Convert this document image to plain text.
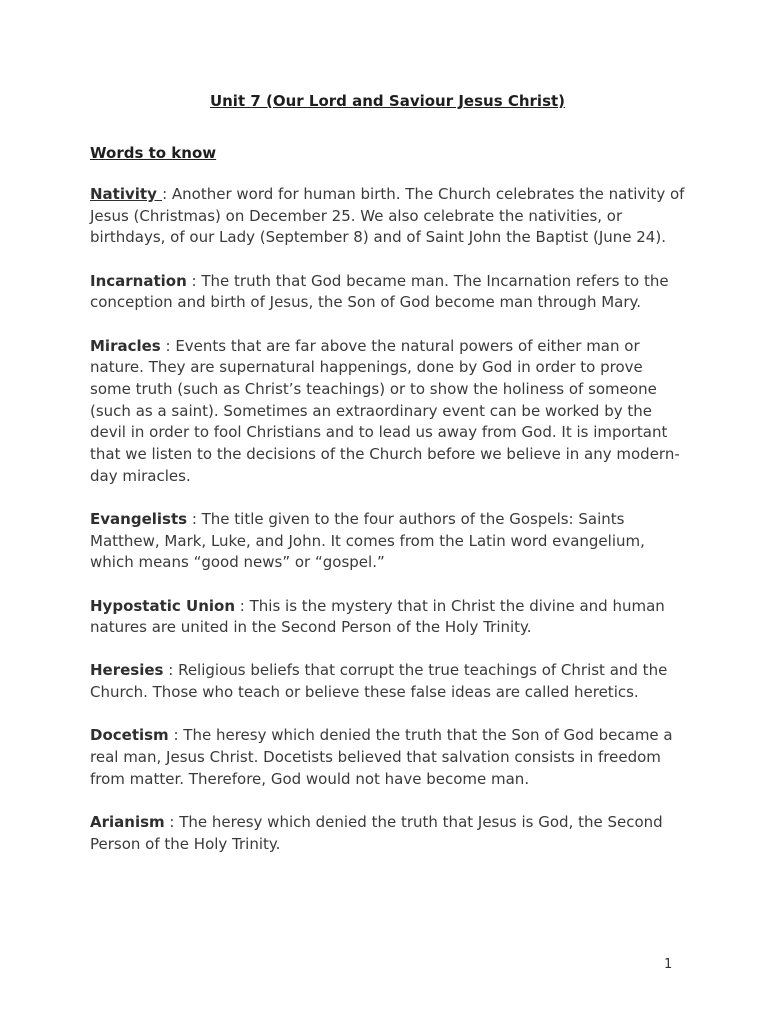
Unit 7 (Our Lord and Saviour Jesus Christ)
Words to know

Nativity : Another word for human birth. The Church celebrates the nativity of Jesus (Christmas) on December 25. We also celebrate the nativities, or birthdays, of our Lady (September 8) and of Saint John the Baptist (June 24).

Incarnation : The truth that God became man. The Incarnation refers to the conception and birth of Jesus, the Son of God become man through Mary.

Miracles : Events that are far above the natural powers of either man or nature. They are supernatural happenings, done by God in order to prove some truth (such as Christ’s teachings) or to show the holiness of someone (such as a saint). Sometimes an extraordinary event can be worked by the devil in order to fool Christians and to lead us away from God. It is important that we listen to the decisions of the Church before we believe in any modern-day miracles.

Evangelists : The title given to the four authors of the Gospels: Saints Matthew, Mark, Luke, and John. It comes from the Latin word evangelium, which means “good news” or “gospel.”

Hypostatic Union : This is the mystery that in Christ the divine and human natures are united in the Second Person of the Holy Trinity.

Heresies : Religious beliefs that corrupt the true teachings of Christ and the Church. Those who teach or believe these false ideas are called heretics.

Docetism : The heresy which denied the truth that the Son of God became a real man, Jesus Christ. Docetists believed that salvation consists in freedom from matter. Therefore, God would not have become man.

Arianism : The heresy which denied the truth that Jesus is God, the Second Person of the Holy Trinity.

1
